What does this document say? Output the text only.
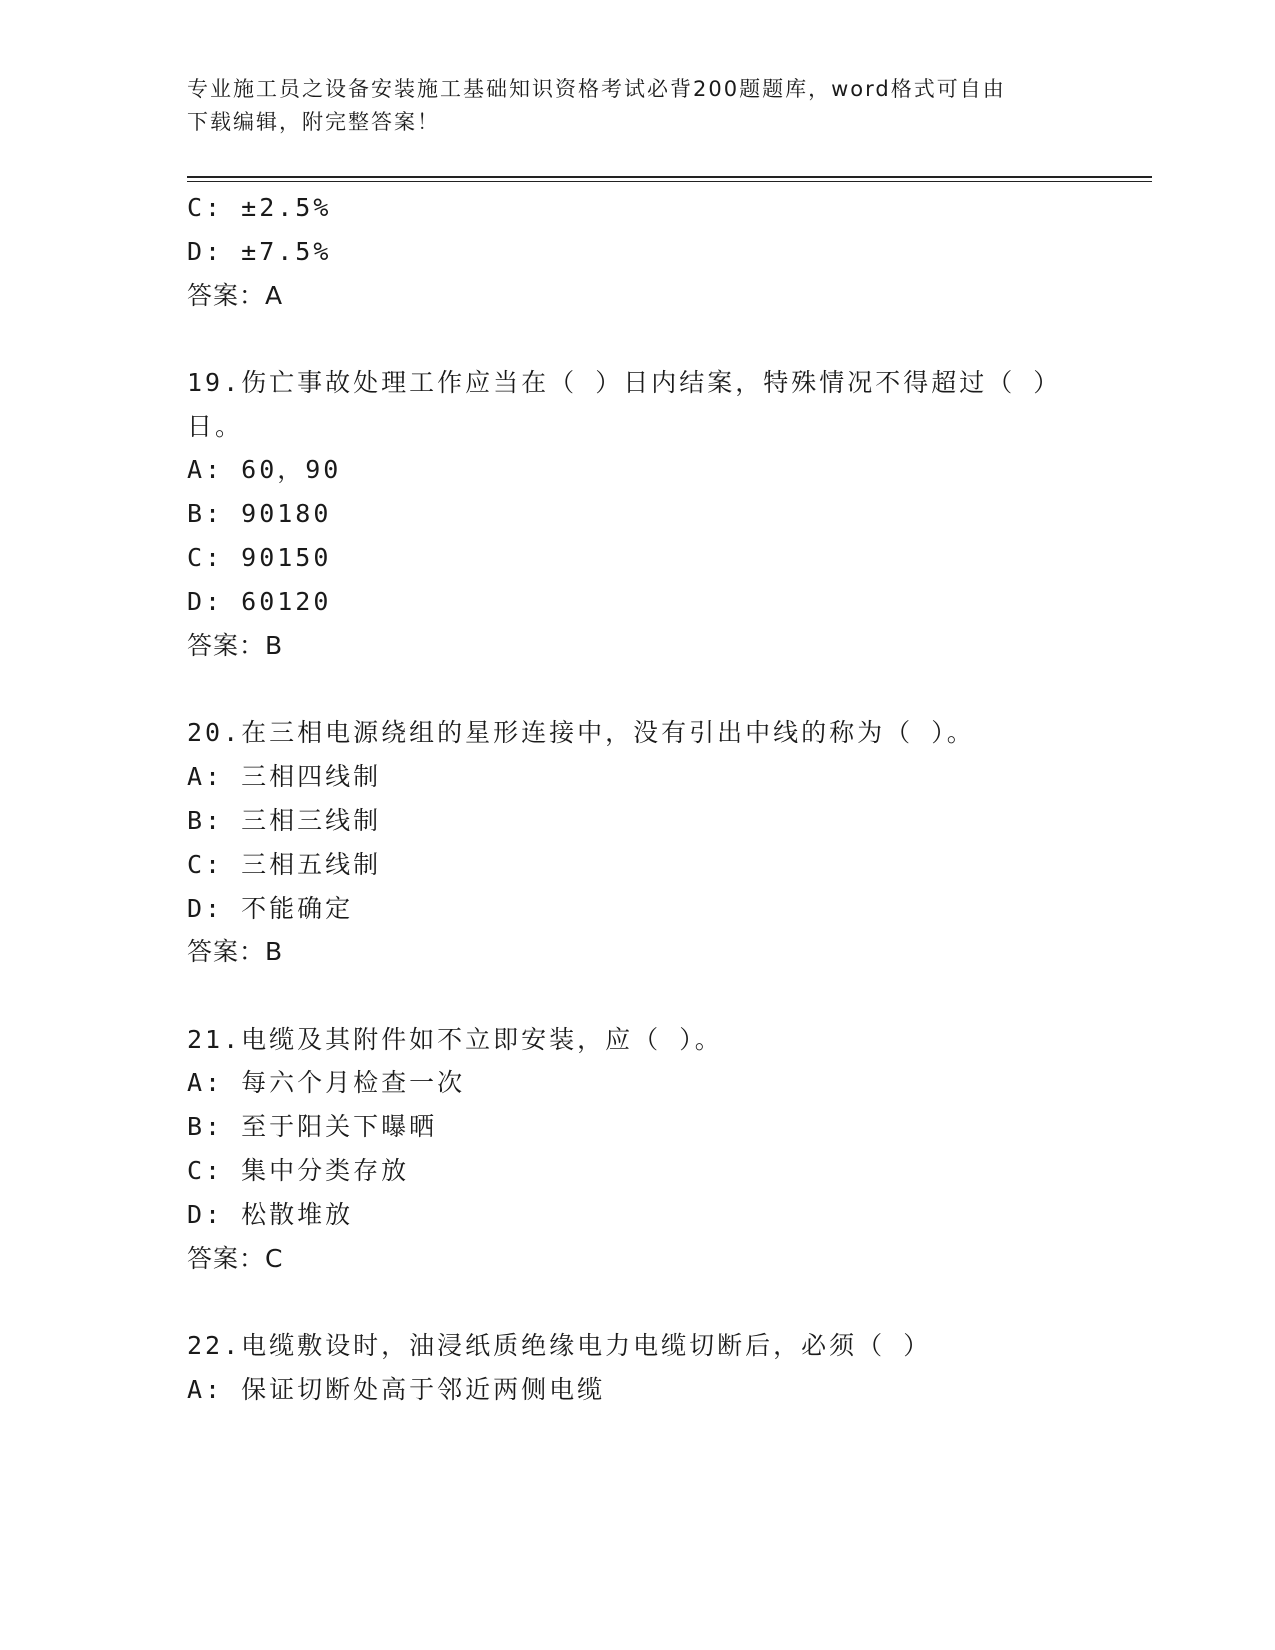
专业施工员之设备安装施工基础知识资格考试必背200题题库，word格式可自由
下载编辑，附完整答案！
C: ±2.5%
D: ±7.5%
答案：A
19.伤亡事故处理工作应当在（ ）日内结案，特殊情况不得超过（ ）
日。
A: 60，90
B: 90180
C: 90150
D: 60120
答案：B
20.在三相电源绕组的星形连接中，没有引出中线的称为（ ）。
A: 三相四线制
B: 三相三线制
C: 三相五线制
D: 不能确定
答案：B
21.电缆及其附件如不立即安装，应（ ）。
A: 每六个月检查一次
B: 至于阳关下曝晒
C: 集中分类存放
D: 松散堆放
答案：C
22.电缆敷设时，油浸纸质绝缘电力电缆切断后，必须（ ）
A: 保证切断处高于邻近两侧电缆
